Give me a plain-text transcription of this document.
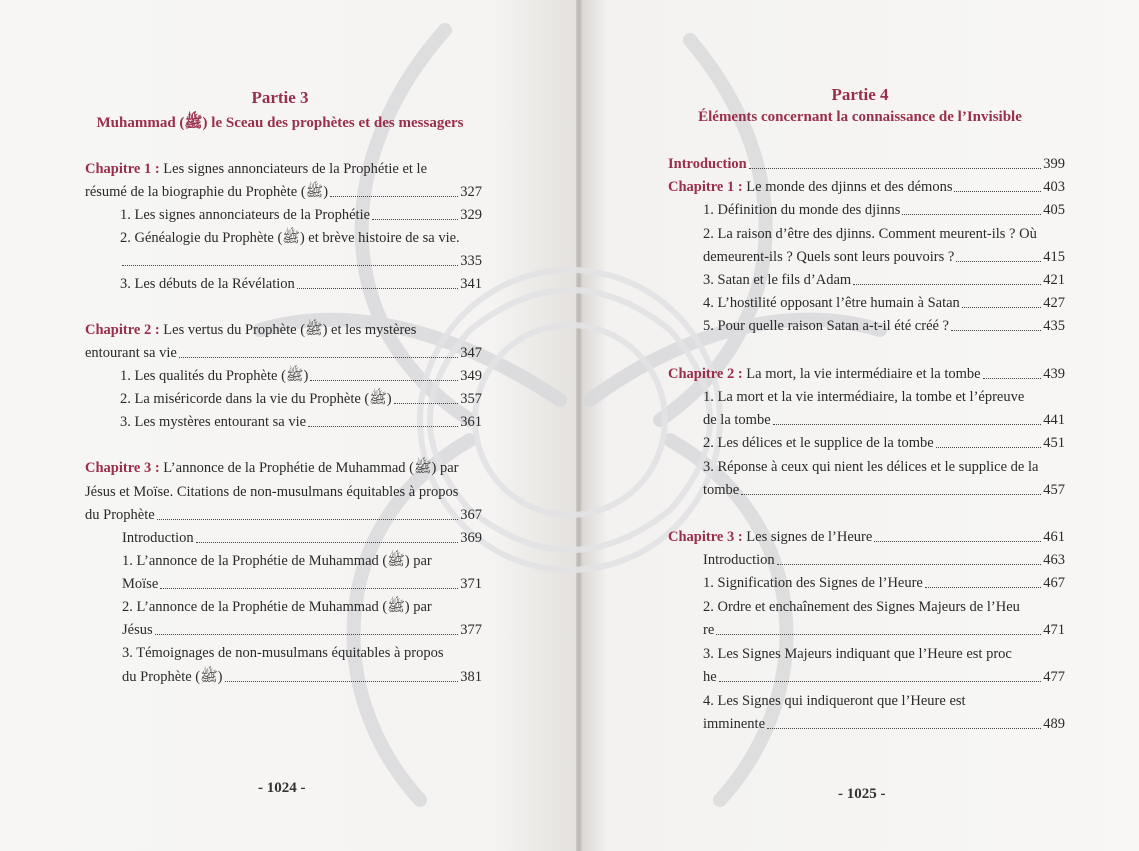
Partie 3
Muhammad (ﷺ) le Sceau des prophètes et des messagers
Chapitre 1 : Les signes annonciateurs de la Prophétie et le
résumé de la biographie du Prophète (ﷺ)	327
1. Les signes annonciateurs de la Prophétie	329
2. Généalogie du Prophète (ﷺ) et brève histoire de sa vie.
335
3. Les débuts de la Révélation	341
Chapitre 2 : Les vertus du Prophète (ﷺ) et les mystères
entourant sa vie	347
1. Les qualités du Prophète (ﷺ)	349
2. La miséricorde dans la vie du Prophète (ﷺ)	357
3. Les mystères entourant sa vie	361
Chapitre 3 : L’annonce de la Prophétie de Muhammad (ﷺ) par
Jésus et Moïse. Citations de non-musulmans équitables à propos
du Prophète	367
Introduction	369
1. L’annonce de la Prophétie de Muhammad (ﷺ) par
Moïse	371
2. L’annonce de la Prophétie de Muhammad (ﷺ) par
Jésus	377
3. Témoignages de non-musulmans équitables à propos
du Prophète (ﷺ)	381
- 1024 -
Partie 4
Éléments concernant la connaissance de l’Invisible
Introduction	399
Chapitre 1 : Le monde des djinns et des démons	403
1. Définition du monde des djinns	405
2. La raison d’être des djinns. Comment meurent-ils ? Où
demeurent-ils ? Quels sont leurs pouvoirs ?	415
3. Satan et le fils d’Adam	421
4. L’hostilité opposant l’être humain à Satan	427
5. Pour quelle raison Satan a-t-il été créé ?	435
Chapitre 2 : La mort, la vie intermédiaire et la tombe	439
1. La mort et la vie intermédiaire, la tombe et l’épreuve
de la tombe	441
2. Les délices et le supplice de la tombe	451
3. Réponse à ceux qui nient les délices et le supplice de la
tombe	457
Chapitre 3 : Les signes de l’Heure	461
Introduction	463
1. Signification des Signes de l’Heure	467
2. Ordre et enchaînement des Signes Majeurs de l’Heu
re	471
3. Les Signes Majeurs indiquant que l’Heure est proc
he	477
4. Les Signes qui indiqueront que l’Heure est
imminente	489
- 1025 -
